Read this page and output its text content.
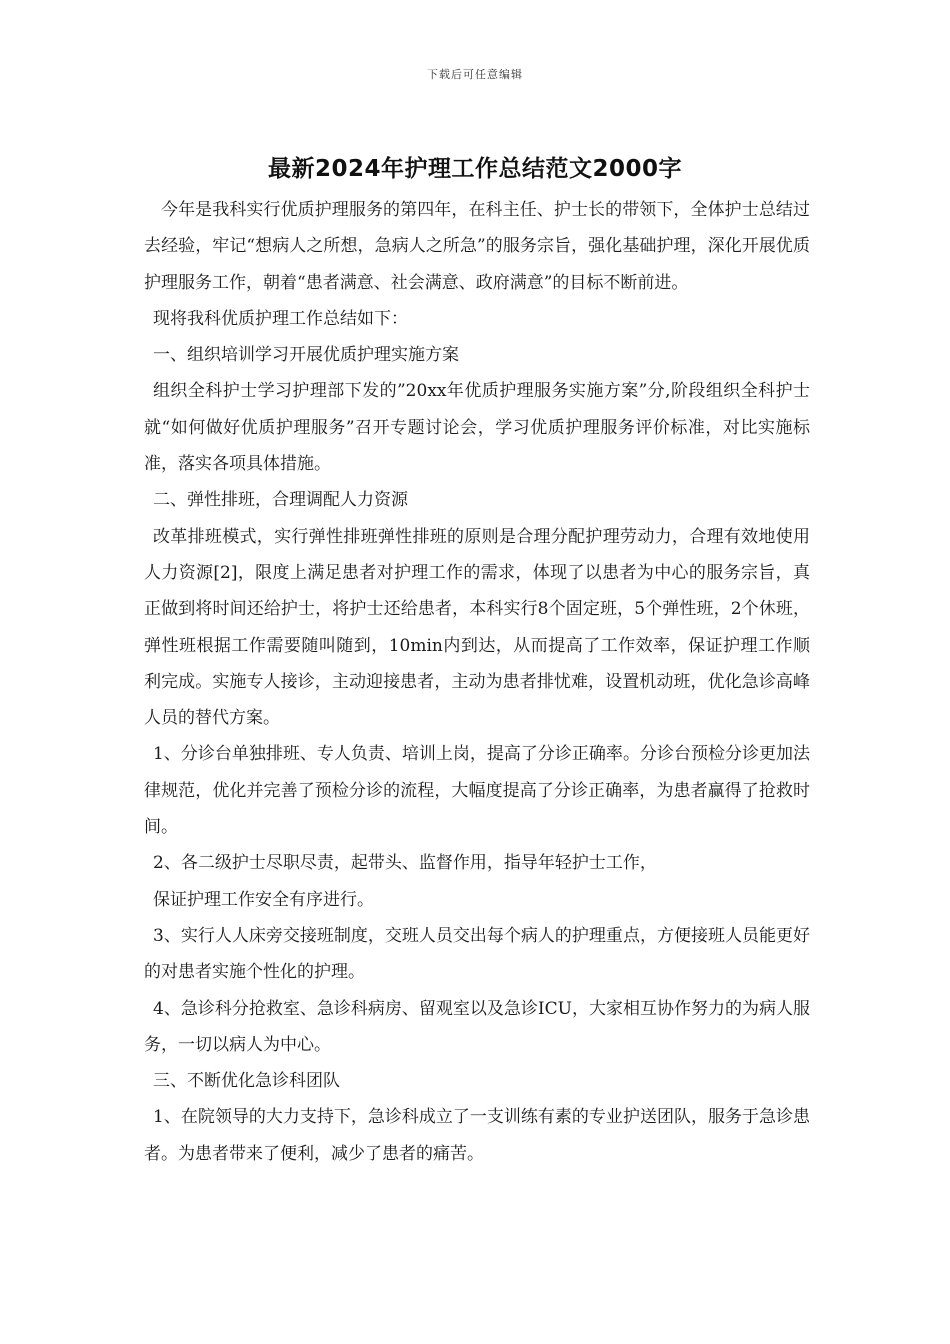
下载后可任意编辑
最新2024年护理工作总结范文2000字

今年是我科实行优质护理服务的第四年，在科主任、护士长的带领下，全体护士总结过去经验，牢记“想病人之所想，急病人之所急”的服务宗旨，强化基础护理，深化开展优质护理服务工作，朝着“患者满意、社会满意、政府满意”的目标不断前进。

现将我科优质护理工作总结如下：

一、组织培训学习开展优质护理实施方案

组织全科护士学习护理部下发的”20xx年优质护理服务实施方案”分,阶段组织全科护士就“如何做好优质护理服务”召开专题讨论会，学习优质护理服务评价标准，对比实施标准，落实各项具体措施。

二、弹性排班，合理调配人力资源

改革排班模式，实行弹性排班弹性排班的原则是合理分配护理劳动力，合理有效地使用人力资源[2]，限度上满足患者对护理工作的需求，体现了以患者为中心的服务宗旨，真正做到将时间还给护士，将护士还给患者，本科实行8个固定班，5个弹性班，2个休班，弹性班根据工作需要随叫随到，10min内到达，从而提高了工作效率，保证护理工作顺利完成。实施专人接诊，主动迎接患者，主动为患者排忧难，设置机动班，优化急诊高峰人员的替代方案。

1、分诊台单独排班、专人负责、培训上岗，提高了分诊正确率。分诊台预检分诊更加法律规范，优化并完善了预检分诊的流程，大幅度提高了分诊正确率，为患者赢得了抢救时间。

2、各二级护士尽职尽责，起带头、监督作用，指导年轻护士工作，

保证护理工作安全有序进行。

3、实行人人床旁交接班制度，交班人员交出每个病人的护理重点，方便接班人员能更好的对患者实施个性化的护理。

4、急诊科分抢救室、急诊科病房、留观室以及急诊ICU，大家相互协作努力的为病人服务，一切以病人为中心。

三、不断优化急诊科团队

1、在院领导的大力支持下，急诊科成立了一支训练有素的专业护送团队，服务于急诊患者。为患者带来了便利，减少了患者的痛苦。
